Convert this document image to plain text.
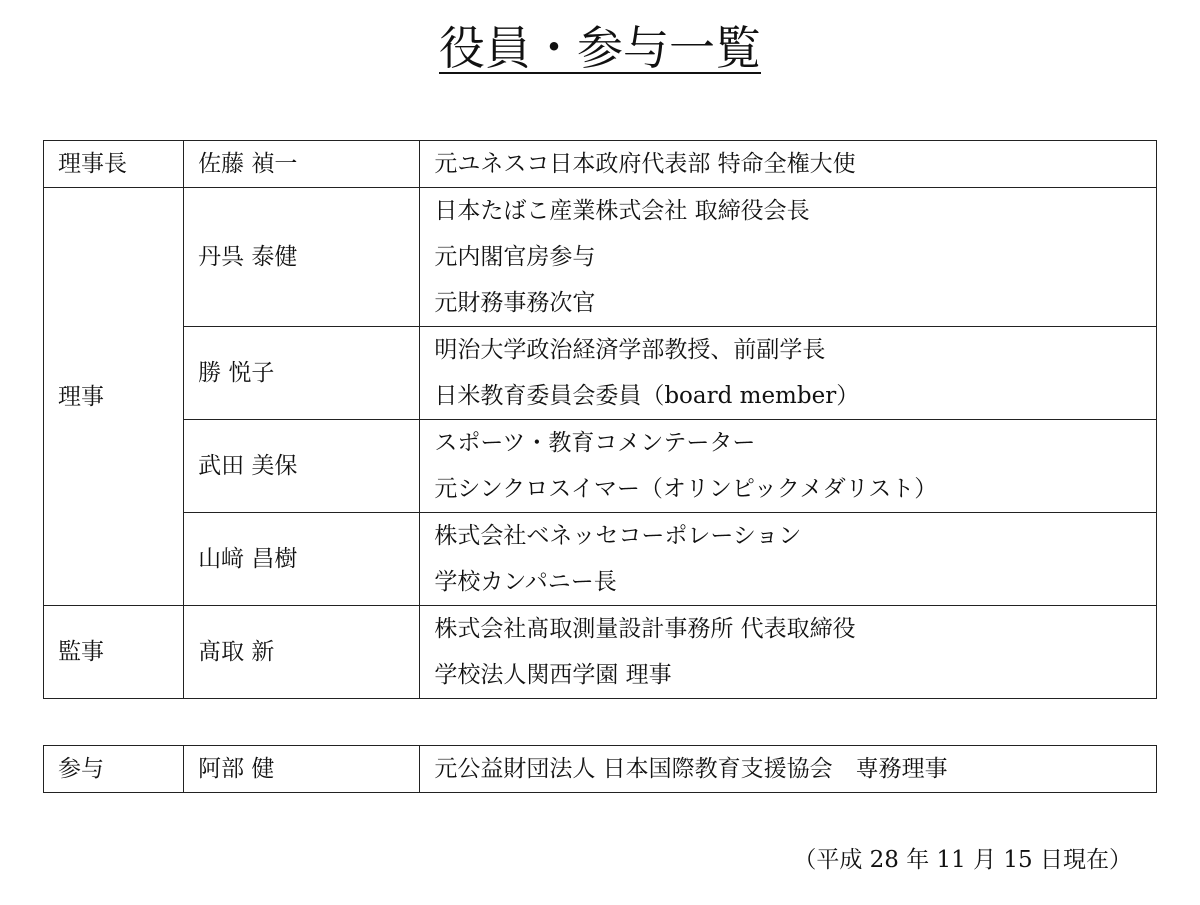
役員・参与一覧
理事長	佐藤 禎一	元ユネスコ日本政府代表部 特命全権大使

理事	丹呉 泰健	日本たばこ産業株式会社 取締役会長
元内閣官房参与
元財務事務次官

	勝 悦子	明治大学政治経済学部教授、前副学長
日米教育委員会委員（board member）

	武田 美保	スポーツ・教育コメンテーター
元シンクロスイマー（オリンピックメダリスト）

	山﨑 昌樹	株式会社ベネッセコーポレーション
学校カンパニー長

監事	髙取 新	株式会社髙取測量設計事務所 代表取締役
学校法人関西学園 理事
参与	阿部 健	元公益財団法人 日本国際教育支援協会　専務理事
（平成 28 年 11 月 15 日現在）
